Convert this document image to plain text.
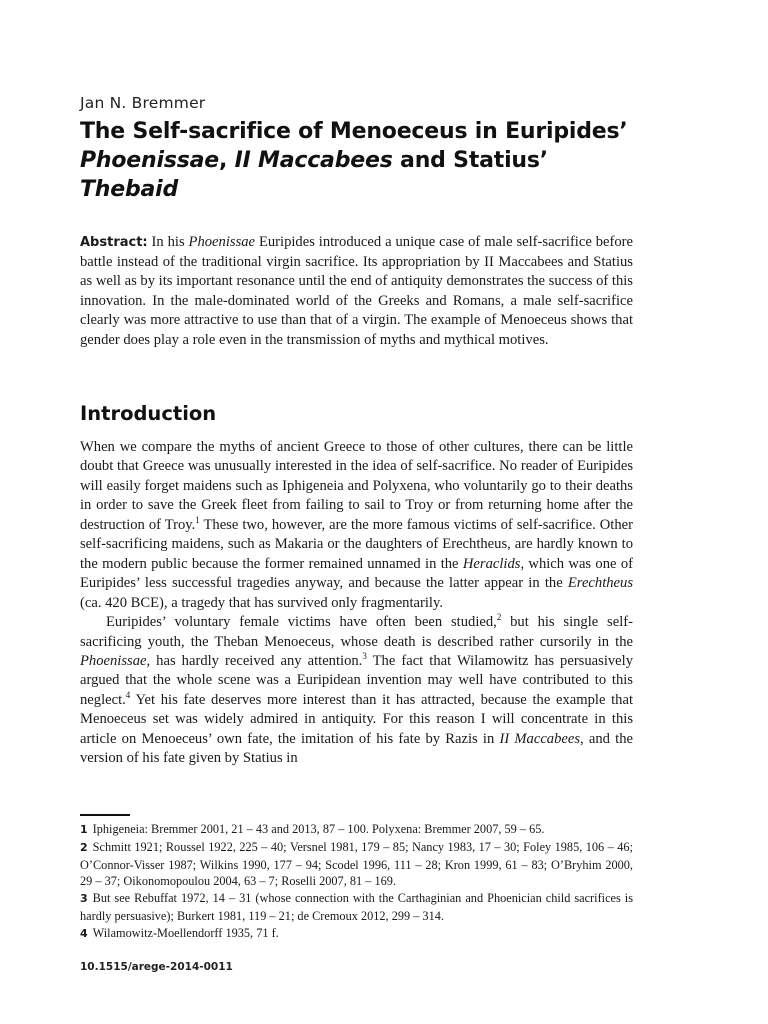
Jan N. Bremmer
The Self-sacrifice of Menoeceus in Euripides’
Phoenissae, II Maccabees and Statius’
Thebaid
Abstract: In his Phoenissae Euripides introduced a unique case of male self-sacrifice before battle instead of the traditional virgin sacrifice. Its appropriation by II Maccabees and Statius as well as by its important resonance until the end of antiquity demonstrates the success of this innovation. In the male-dominated world of the Greeks and Romans, a male self-sacrifice clearly was more attractive to use than that of a virgin. The example of Menoeceus shows that gender does play a role even in the transmission of myths and mythical motives.
Introduction

When we compare the myths of ancient Greece to those of other cultures, there can be little doubt that Greece was unusually interested in the idea of self-sacrifice. No reader of Euripides will easily forget maidens such as Iphigeneia and Polyxena, who voluntarily go to their deaths in order to save the Greek fleet from failing to sail to Troy or from returning home after the destruction of Troy.$^1$ These two, however, are the more famous victims of self-sacrifice. Other self-sacrificing maidens, such as Makaria or the daughters of Erechtheus, are hardly known to the modern public because the former remained unnamed in the Heraclids, which was one of Euripides’ less successful tragedies anyway, and because the latter appear in the Erechtheus (ca. 420 BCE), a tragedy that has survived only fragmentarily.

Euripides’ voluntary female victims have often been studied,$^2$ but his single self-sacrificing youth, the Theban Menoeceus, whose death is described rather cursorily in the Phoenissae, has hardly received any attention.$^3$ The fact that Wilamowitz has persuasively argued that the whole scene was a Euripidean invention may well have contributed to this neglect.$^4$ Yet his fate deserves more interest than it has attracted, because the example that Menoeceus set was widely admired in antiquity. For this reason I will concentrate in this article on Menoeceus’ own fate, the imitation of his fate by Razis in II Maccabees, and the version of his fate given by Statius in

1 Iphigeneia: Bremmer 2001, 21 – 43 and 2013, 87 – 100. Polyxena: Bremmer 2007, 59 – 65.

2 Schmitt 1921; Roussel 1922, 225 – 40; Versnel 1981, 179 – 85; Nancy 1983, 17 – 30; Foley 1985, 106 – 46; O’Connor-Visser 1987; Wilkins 1990, 177 – 94; Scodel 1996, 111 – 28; Kron 1999, 61 – 83; O’Bryhim 2000, 29 – 37; Oikonomopoulou 2004, 63 – 7; Roselli 2007, 81 – 169.

3 But see Rebuffat 1972, 14 – 31 (whose connection with the Carthaginian and Phoenician child sacrifices is hardly persuasive); Burkert 1981, 119 – 21; de Cremoux 2012, 299 – 314.

4 Wilamowitz-Moellendorff 1935, 71 f.

10.1515/arege-2014-0011
